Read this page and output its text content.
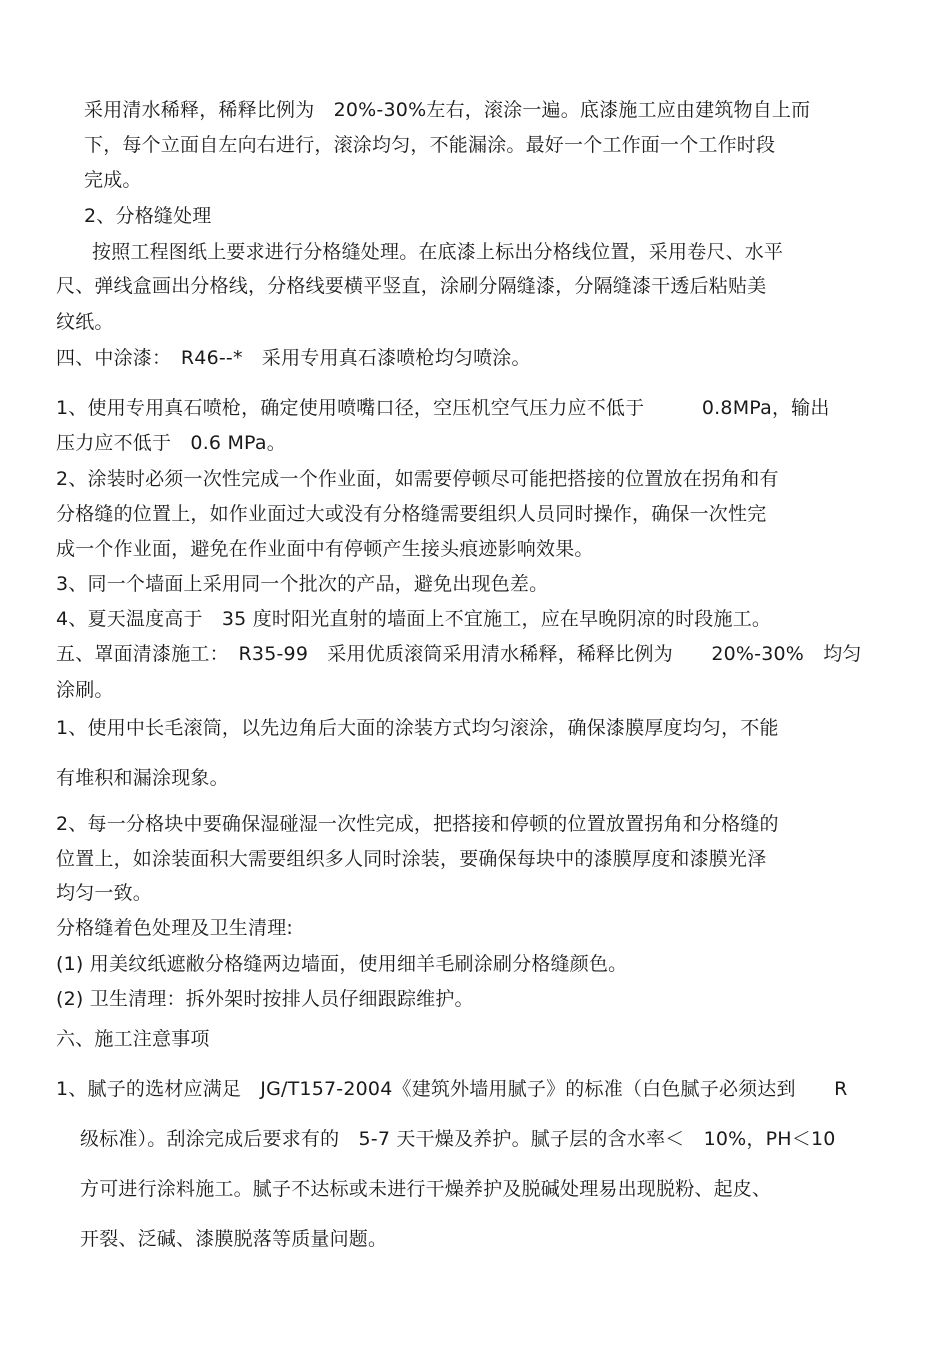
采用清水稀释，稀释比例为　20%-30%左右，滚涂一遍。底漆施工应由建筑物自上而
下，每个立面自左向右进行，滚涂均匀，不能漏涂。最好一个工作面一个工作时段
完成。
2、分格缝处理
按照工程图纸上要求进行分格缝处理。在底漆上标出分格线位置，采用卷尺、水平
尺、弹线盒画出分格线，分格线要横平竖直，涂刷分隔缝漆，分隔缝漆干透后粘贴美
纹纸。
四、中涂漆：　R46--*　采用专用真石漆喷枪均匀喷涂。
1、使用专用真石喷枪，确定使用喷嘴口径，空压机空气压力应不低于　　　0.8MPa，输出
压力应不低于　0.6 MPa。
2、涂装时必须一次性完成一个作业面，如需要停顿尽可能把搭接的位置放在拐角和有
分格缝的位置上，如作业面过大或没有分格缝需要组织人员同时操作，确保一次性完
成一个作业面，避免在作业面中有停顿产生接头痕迹影响效果。
3、同一个墙面上采用同一个批次的产品，避免出现色差。
4、夏天温度高于　35 度时阳光直射的墙面上不宜施工，应在早晚阴凉的时段施工。
五、罩面清漆施工：　R35-99　采用优质滚筒采用清水稀释，稀释比例为　　20%-30%　均匀
涂刷。
1、使用中长毛滚筒，以先边角后大面的涂装方式均匀滚涂，确保漆膜厚度均匀，不能
有堆积和漏涂现象。
2、每一分格块中要确保湿碰湿一次性完成，把搭接和停顿的位置放置拐角和分格缝的
位置上，如涂装面积大需要组织多人同时涂装，要确保每块中的漆膜厚度和漆膜光泽
均匀一致。
分格缝着色处理及卫生清理:
(1) 用美纹纸遮敝分格缝两边墙面，使用细羊毛刷涂刷分格缝颜色。
(2) 卫生清理：拆外架时按排人员仔细跟踪维护。
六、施工注意事项
1、腻子的选材应满足　JG/T157-2004《建筑外墙用腻子》的标准（白色腻子必须达到　　R
级标准）。刮涂完成后要求有的　5-7 天干燥及养护。腻子层的含水率＜　10%，PH＜10
方可进行涂料施工。腻子不达标或未进行干燥养护及脱碱处理易出现脱粉、起皮、
开裂、泛碱、漆膜脱落等质量问题。
